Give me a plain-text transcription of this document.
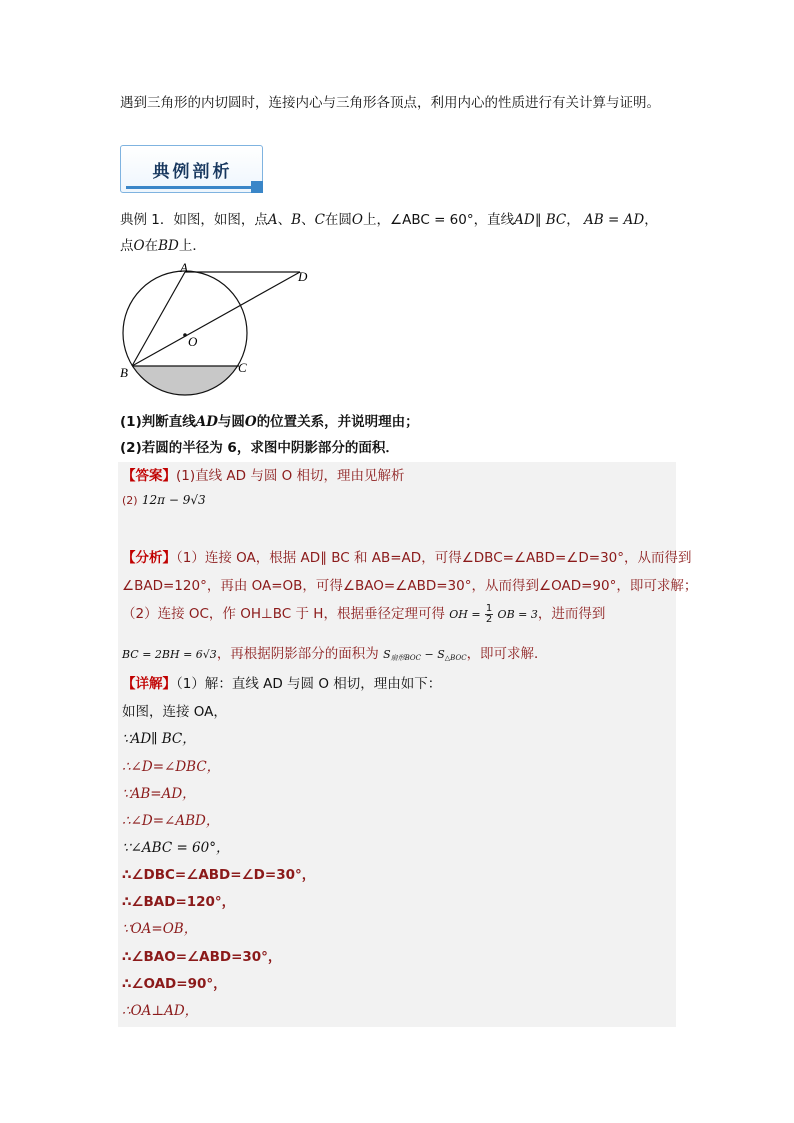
遇到三角形的内切圆时，连接内心与三角形各顶点，利用内心的性质进行有关计算与证明。
典例剖析
典例 1．如图，如图，点A、B、C在圆O上，∠ABC = 60°，直线AD∥ BC， AB = AD，
点O在BD上．
A
D
O
B	C
(1)判断直线AD与圆O的位置关系，并说明理由；
(2)若圆的半径为 6，求图中阴影部分的面积．
【答案】(1)直线 AD 与圆 O 相切，理由见解析
(2) 12π − 9√3
【分析】（1）连接 OA，根据 AD∥ BC 和 AB=AD，可得∠DBC=∠ABD=∠D=30°，从而得到
∠BAD=120°，再由 OA=OB，可得∠BAO=∠ABD=30°，从而得到∠OAD=90°，即可求解；
（2）连接 OC，作 OH⊥BC 于 H，根据垂径定理可得 OH = $\frac{1}{2}$ OB = 3，进而得到
BC = 2BH = 6√3，再根据阴影部分的面积为 $S_{扇形BOC} - S_{\triangle BOC}$，即可求解．
【详解】（1）解：直线 AD 与圆 O 相切，理由如下：
如图，连接 OA，
∵AD∥ BC，
∴∠D=∠DBC，
∵AB=AD，
∴∠D=∠ABD，
∵∠ABC = 60°，
∴∠DBC=∠ABD=∠D=30°，
∴∠BAD=120°，
∵OA=OB，
∴∠BAO=∠ABD=30°，
∴∠OAD=90°，
∴OA⊥AD，
